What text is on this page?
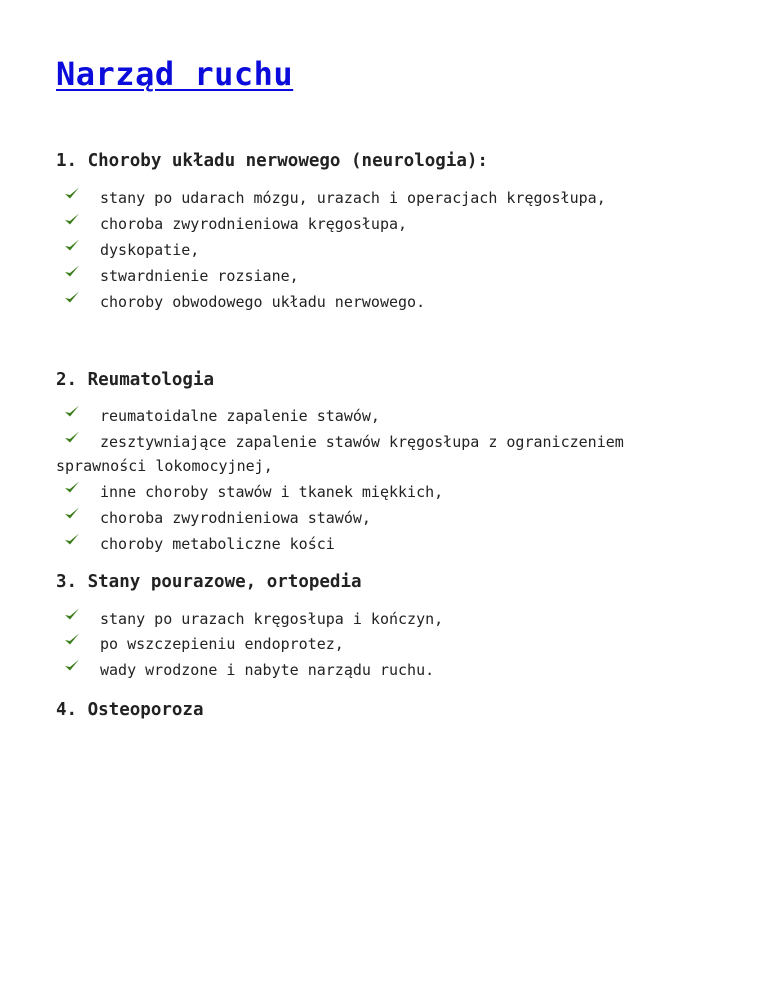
Narząd ruchu
1. Choroby układu nerwowego (neurologia):

stany po udarach mózgu, urazach i operacjach kręgosłupa,

choroba zwyrodnieniowa kręgosłupa,

dyskopatie,

stwardnienie rozsiane,

choroby obwodowego układu nerwowego.

2. Reumatologia

reumatoidalne zapalenie stawów,

zesztywniające zapalenie stawów kręgosłupa z ograniczeniem

sprawności lokomocyjnej,

inne choroby stawów i tkanek miękkich,

choroba zwyrodnieniowa stawów,

choroby metaboliczne kości

3. Stany pourazowe, ortopedia

stany po urazach kręgosłupa i kończyn,

po wszczepieniu endoprotez,

wady wrodzone i nabyte narządu ruchu.

4. Osteoporoza
